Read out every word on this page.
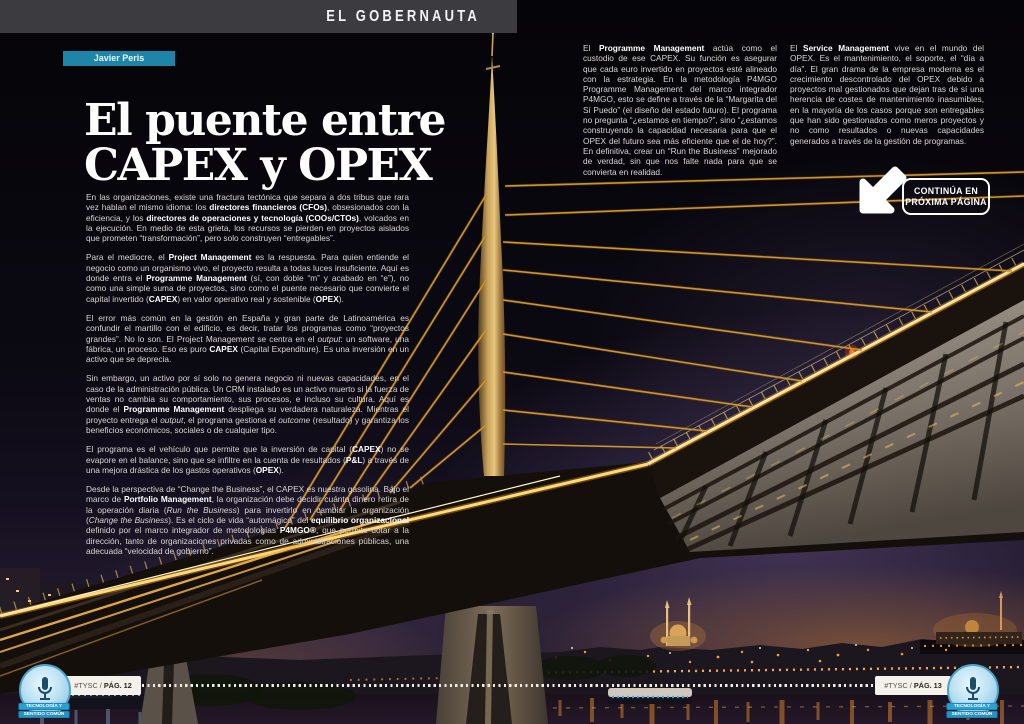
EL GOBERNAUTA
Javier Peris
El puente entre
CAPEX y OPEX

En las organizaciones, existe una fractura tectónica que separa a dos tribus que rara vez hablan el mismo idioma: los directores financieros (CFOs), obsesionados con la eficiencia, y los directores de operaciones y tecnología (COOs/CTOs), volcados en la ejecución. En medio de esta grieta, los recursos se pierden en proyectos aislados que prometen “transformación”, pero solo construyen “entregables”.

Para el mediocre, el Project Management es la respuesta. Para quien entiende el negocio como un organismo vivo, el proyecto resulta a todas luces insuficiente. Aquí es donde entra el Programme Management (sí, con doble “m” y acabado en “e”), no como una simple suma de proyectos, sino como el puente necesario que convierte el capital invertido (CAPEX) en valor operativo real y sostenible (OPEX).

El error más común en la gestión en España y gran parte de Latinoamérica es confundir el martillo con el edificio, es decir, tratar los programas como “proyectos grandes”. No lo son. El Project Management se centra en el output: un software, una fábrica, un proceso. Eso es puro CAPEX (Capital Expenditure). Es una inversión en un activo que se deprecia.

Sin embargo, un activo por sí solo no genera negocio ni nuevas capacidades, en el caso de la administración pública. Un CRM instalado es un activo muerto si la fuerza de ventas no cambia su comportamiento, sus procesos, e incluso su cultura. Aquí es donde el Programme Management despliega su verdadera naturaleza. Mientras el proyecto entrega el output, el programa gestiona el outcome (resultado) y garantiza los beneficios económicos, sociales o de cualquier tipo.

El programa es el vehículo que permite que la inversión de capital (CAPEX) no se evapore en el balance, sino que se infiltre en la cuenta de resultados (P&L) a través de una mejora drástica de los gastos operativos (OPEX).

Desde la perspectiva de “Change the Business”, el CAPEX es nuestra gasolina. Bajo el marco de Portfolio Management, la organización debe decidir cuánto dinero retira de la operación diaria (Run the Business) para invertirlo en cambiar la organización (Change the Business). Es el ciclo de vida “automágico” del equilibrio organizacional definido por el marco integrador de metodologías P4MGO®, que permite dotar a la dirección, tanto de organizaciones privadas como de administraciones públicas, una adecuada “velocidad de gobierno”.

El Programme Management actúa como el custodio de ese CAPEX. Su función es asegurar que cada euro invertido en proyectos esté alineado con la estrategia. En la metodología P4MGO Programme Management del marco integrador P4MGO, esto se define a través de la “Margarita del Sí Puedo” (el diseño del estado futuro). El programa no pregunta “¿estamos en tiempo?”, sino “¿estamos construyendo la capacidad necesaria para que el OPEX del futuro sea más eficiente que el de hoy?”. En definitiva, crear un “Run the Business” mejorado de verdad, sin que nos falte nada para que se convierta en realidad.

El Service Management vive en el mundo del OPEX. Es el mantenimiento, el soporte, el “día a día”. El gran drama de la empresa moderna es el crecimiento descontrolado del OPEX debido a proyectos mal gestionados que dejan tras de sí una herencia de costes de mantenimiento inasumibles, en la mayoría de los casos porque son entregables que han sido gestionados como meros proyectos y no como resultados o nuevas capacidades generados a través de la gestión de programas.

CONTINÚA EN
PRÓXIMA PÁGINA
#TYSC / PÁG. 12	#TYSC / PÁG. 13
TECNOLOGÍA Y
SENTIDO COMÚN
TECNOLOGÍA Y
SENTIDO COMÚN
